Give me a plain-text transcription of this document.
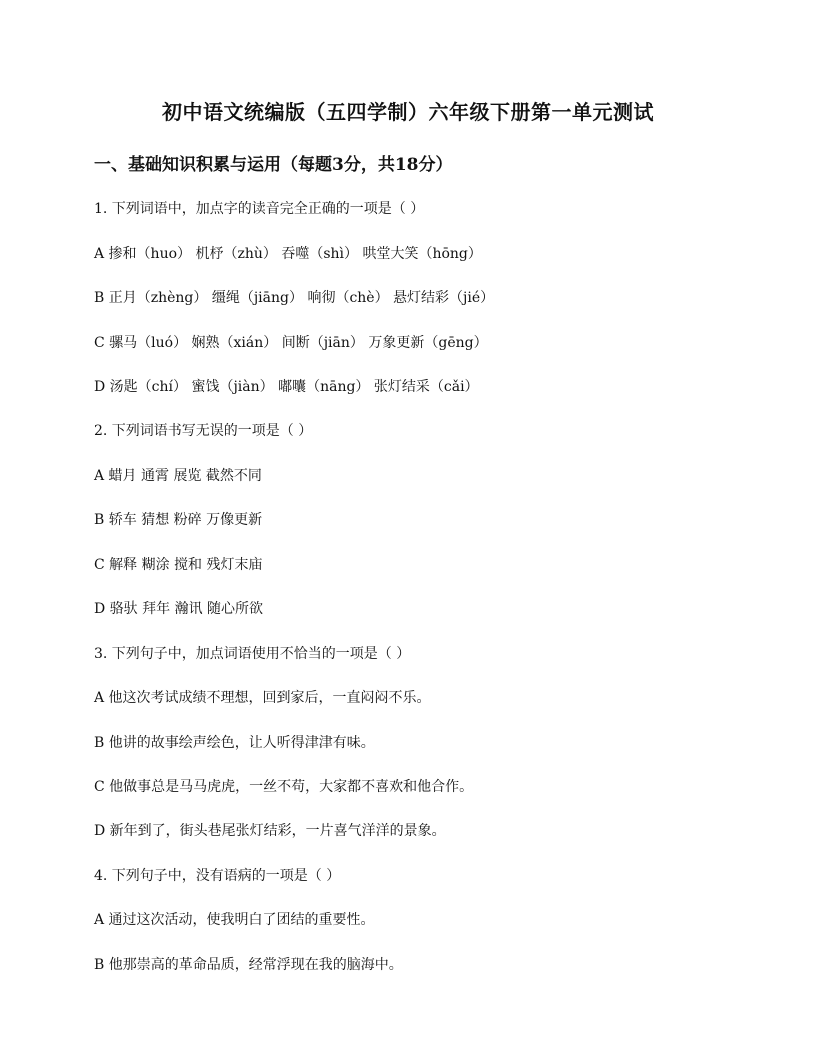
初中语文统编版（五四学制）六年级下册第一单元测试
一、基础知识积累与运用（每题3分，共18分）
1. 下列词语中，加点字的读音完全正确的一项是（ ）
A 掺和（huo） 机杼（zhù） 吞噬（shì） 哄堂大笑（hōng）
B 正月（zhèng） 缰绳（jiāng） 响彻（chè） 悬灯结彩（jié）
C 骡马（luó） 娴熟（xián） 间断（jiān） 万象更新（gēng）
D 汤匙（chí） 蜜饯（jiàn） 嘟囔（nāng） 张灯结采（cǎi）
2. 下列词语书写无误的一项是（ ）
A 蜡月 通霄 展览 截然不同
B 轿车 猜想 粉碎 万像更新
C 解释 糊涂 搅和 残灯末庙
D 骆驮 拜年 瀚讯 随心所欲
3. 下列句子中，加点词语使用不恰当的一项是（ ）
A 他这次考试成绩不理想，回到家后，一直闷闷不乐。
B 他讲的故事绘声绘色，让人听得津津有味。
C 他做事总是马马虎虎，一丝不苟，大家都不喜欢和他合作。
D 新年到了，街头巷尾张灯结彩，一片喜气洋洋的景象。
4. 下列句子中，没有语病的一项是（ ）
A 通过这次活动，使我明白了团结的重要性。
B 他那崇高的革命品质，经常浮现在我的脑海中。
